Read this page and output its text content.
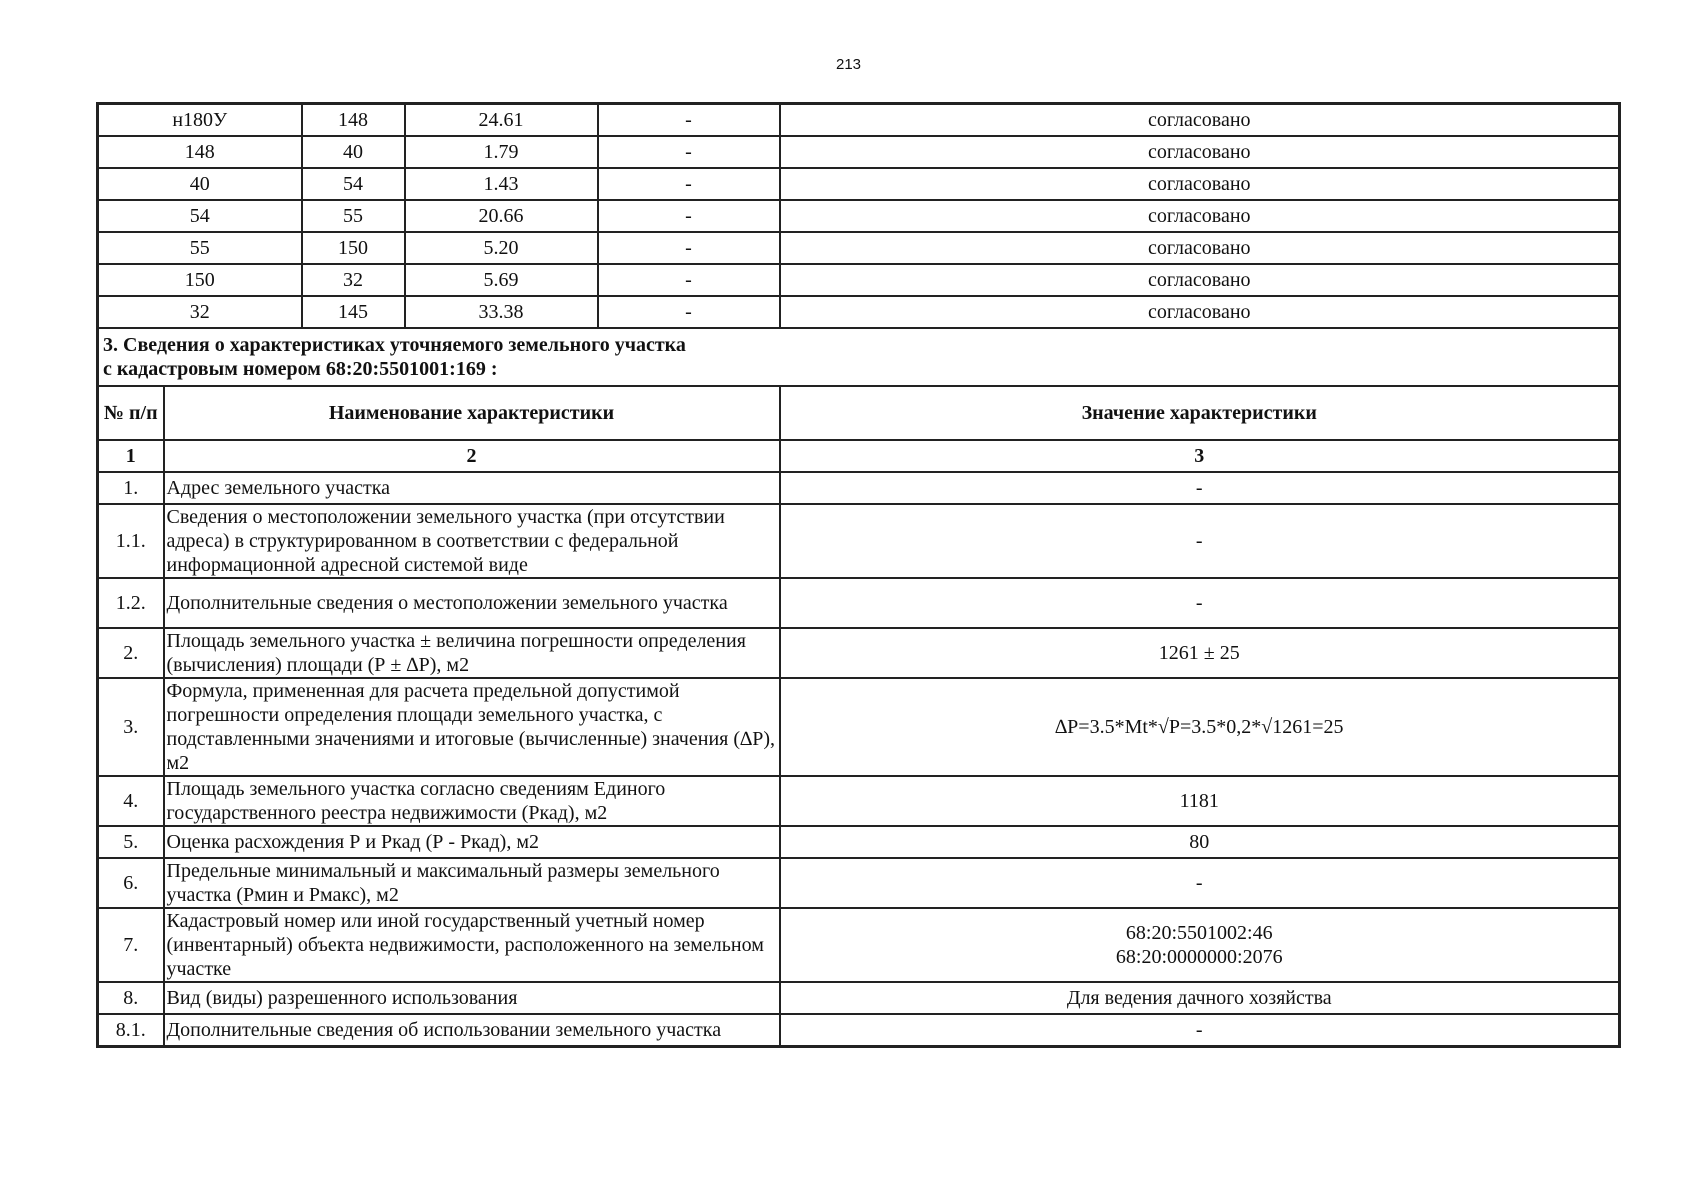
213
н180У		148	24.61	-	согласовано
148		40	1.79	-	согласовано
40		54	1.43	-	согласовано
54		55	20.66	-	согласовано
55		150	5.20	-	согласовано
150		32	5.69	-	согласовано
32		145	33.38	-	согласовано

3. Сведения о характеристиках уточняемого земельного участка
с кадастровым номером 68:20:5501001:169 :					

№ п/п	Наименование характеристики				Значение характеристики
1	2				3
1.	Адрес земельного участка				-
1.1.	Сведения о местоположении земельного участка (при отсутствии адреса) в структурированном в соответствии с федеральной информационной адресной системой виде				-
1.2.	Дополнительные сведения о местоположении земельного участка				-
2.	Площадь земельного участка ± величина погрешности определения (вычисления) площади (Р ± ∆Р), м2				1261 ± 25
3.	Формула, примененная для расчета предельной допустимой погрешности определения площади земельного участка, с подставленными значениями и итоговые (вычисленные) значения (∆Р), м2				∆Р=3.5*Mt*√Р=3.5*0,2*√1261=25
4.	Площадь земельного участка согласно сведениям Единого государственного реестра недвижимости (Ркад), м2				1181
5.	Оценка расхождения Р и Ркад (Р - Ркад), м2				80
6.	Предельные минимальный и максимальный размеры земельного участка (Рмин и Рмакс), м2				-
7.	Кадастровый номер или иной государственный учетный номер (инвентарный) объекта недвижимости, расположенного на земельном участке				68:20:5501002:46
68:20:0000000:2076

8.	Вид (виды) разрешенного использования				Для ведения дачного хозяйства
8.1.	Дополнительные сведения об использовании земельного участка				-
